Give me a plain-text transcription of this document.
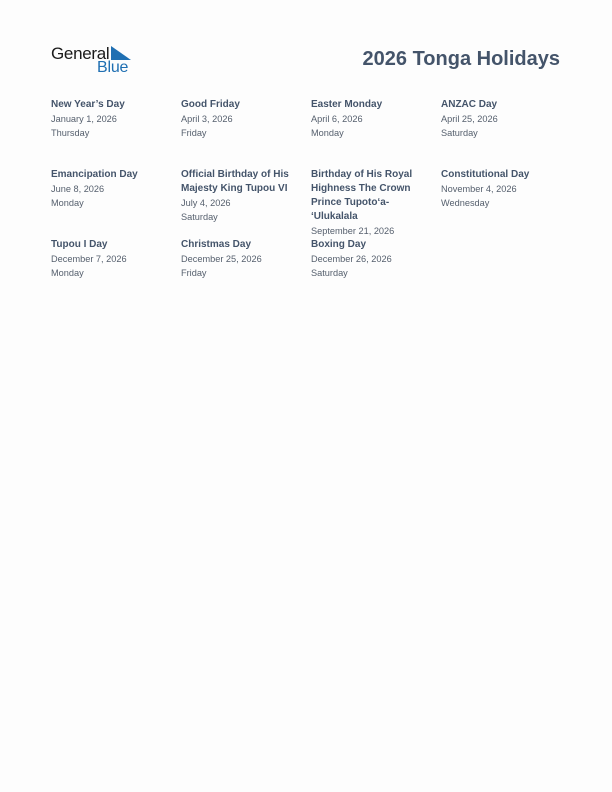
General
Blue	2026 Tonga Holidays
New Year’s Day
January 1, 2026
Thursday
Good Friday
April 3, 2026
Friday
Easter Monday
April 6, 2026
Monday
ANZAC Day
April 25, 2026
Saturday
Emancipation Day
June 8, 2026
Monday
Official Birthday of His Majesty King Tupou VI
July 4, 2026
Saturday
Birthday of His Royal Highness The Crown Prince Tupotoʻa-ʻUlukalala
September 21, 2026
Constitutional Day
November 4, 2026
Wednesday
Tupou I Day
December 7, 2026
Monday
Christmas Day
December 25, 2026
Friday
Boxing Day
December 26, 2026
Saturday
